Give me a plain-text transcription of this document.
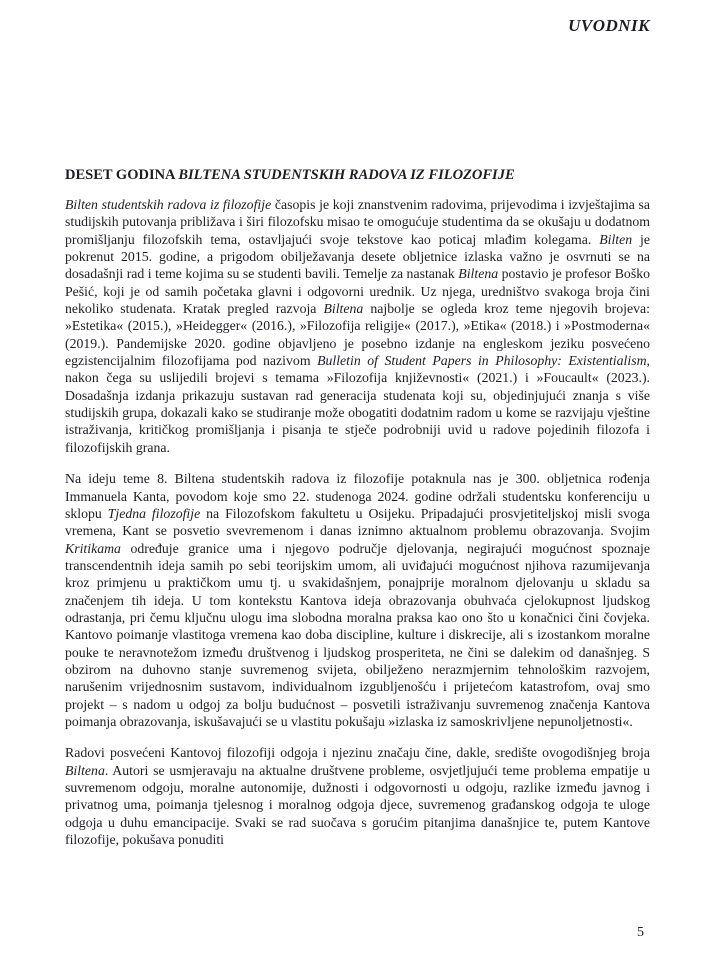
UVODNIK
DESET GODINA BILTENA STUDENTSKIH RADOVA IZ FILOZOFIJE

Bilten studentskih radova iz filozofije časopis je koji znanstvenim radovima, prijevodima i izvještajima sa studijskih putovanja približava i širi filozofsku misao te omogućuje studentima da se okušaju u dodatnom promišljanju filozofskih tema, ostavljajući svoje tekstove kao poticaj mlađim kolegama. Bilten je pokrenut 2015. godine, a prigodom obilježavanja desete obljetnice izlaska važno je osvrnuti se na dosadašnji rad i teme kojima su se studenti bavili. Temelje za nastanak Biltena postavio je profesor Boško Pešić, koji je od samih početaka glavni i odgovorni urednik. Uz njega, uredništvo svakoga broja čini nekoliko studenata. Kratak pregled razvoja Biltena najbolje se ogleda kroz teme njegovih brojeva: »Estetika« (2015.), »Heidegger« (2016.), »Filozofija religije« (2017.), »Etika« (2018.) i »Postmoderna« (2019.). Pandemijske 2020. godine objavljeno je posebno izdanje na engleskom jeziku posvećeno egzistencijalnim filozofijama pod nazivom Bulletin of Student Papers in Philosophy: Existentialism, nakon čega su uslijedili brojevi s temama »Filozofija književnosti« (2021.) i »Foucault« (2023.). Dosadašnja izdanja prikazuju sustavan rad generacija studenata koji su, objedinjujući znanja s više studijskih grupa, dokazali kako se studiranje može obogatiti dodatnim radom u kome se razvijaju vještine istraživanja, kritičkog promišljanja i pisanja te stječe podrobniji uvid u radove pojedinih filozofa i filozofijskih grana.

Na ideju teme 8. Biltena studentskih radova iz filozofije potaknula nas je 300. obljetnica rođenja Immanuela Kanta, povodom koje smo 22. studenoga 2024. godine održali studentsku konferenciju u sklopu Tjedna filozofije na Filozofskom fakultetu u Osijeku. Pripadajući prosvjetiteljskoj misli svoga vremena, Kant se posvetio svevremenom i danas iznimno aktualnom problemu obrazovanja. Svojim Kritikama određuje granice uma i njegovo područje djelovanja, negirajući mogućnost spoznaje transcendentnih ideja samih po sebi teorijskim umom, ali uviđajući mogućnost njihova razumijevanja kroz primjenu u praktičkom umu tj. u svakidašnjem, ponajprije moralnom djelovanju u skladu sa značenjem tih ideja. U tom kontekstu Kantova ideja obrazovanja obuhvaća cjelokupnost ljudskog odrastanja, pri čemu ključnu ulogu ima slobodna moralna praksa kao ono što u konačnici čini čovjeka. Kantovo poimanje vlastitoga vremena kao doba discipline, kulture i diskrecije, ali s izostankom moralne pouke te neravnotežom između društvenog i ljudskog prosperiteta, ne čini se dalekim od današnjeg. S obzirom na duhovno stanje suvremenog svijeta, obilježeno nerazmjernim tehnološkim razvojem, narušenim vrijednosnim sustavom, individualnom izgubljenošću i prijetećom katastrofom, ovaj smo projekt – s nadom u odgoj za bolju budućnost – posvetili istraživanju suvremenog značenja Kantova poimanja obrazovanja, iskušavajući se u vlastitu pokušaju »izlaska iz samoskrivljene nepunoljetnosti«.

Radovi posvećeni Kantovoj filozofiji odgoja i njezinu značaju čine, dakle, središte ovogodišnjeg broja Biltena. Autori se usmjeravaju na aktualne društvene probleme, osvjetljujući teme problema empatije u suvremenom odgoju, moralne autonomije, dužnosti i odgovornosti u odgoju, razlike između javnog i privatnog uma, poimanja tjelesnog i moralnog odgoja djece, suvremenog građanskog odgoja te uloge odgoja u duhu emancipacije. Svaki se rad suočava s gorućim pitanjima današnjice te, putem Kantove filozofije, pokušava ponuditi

5
